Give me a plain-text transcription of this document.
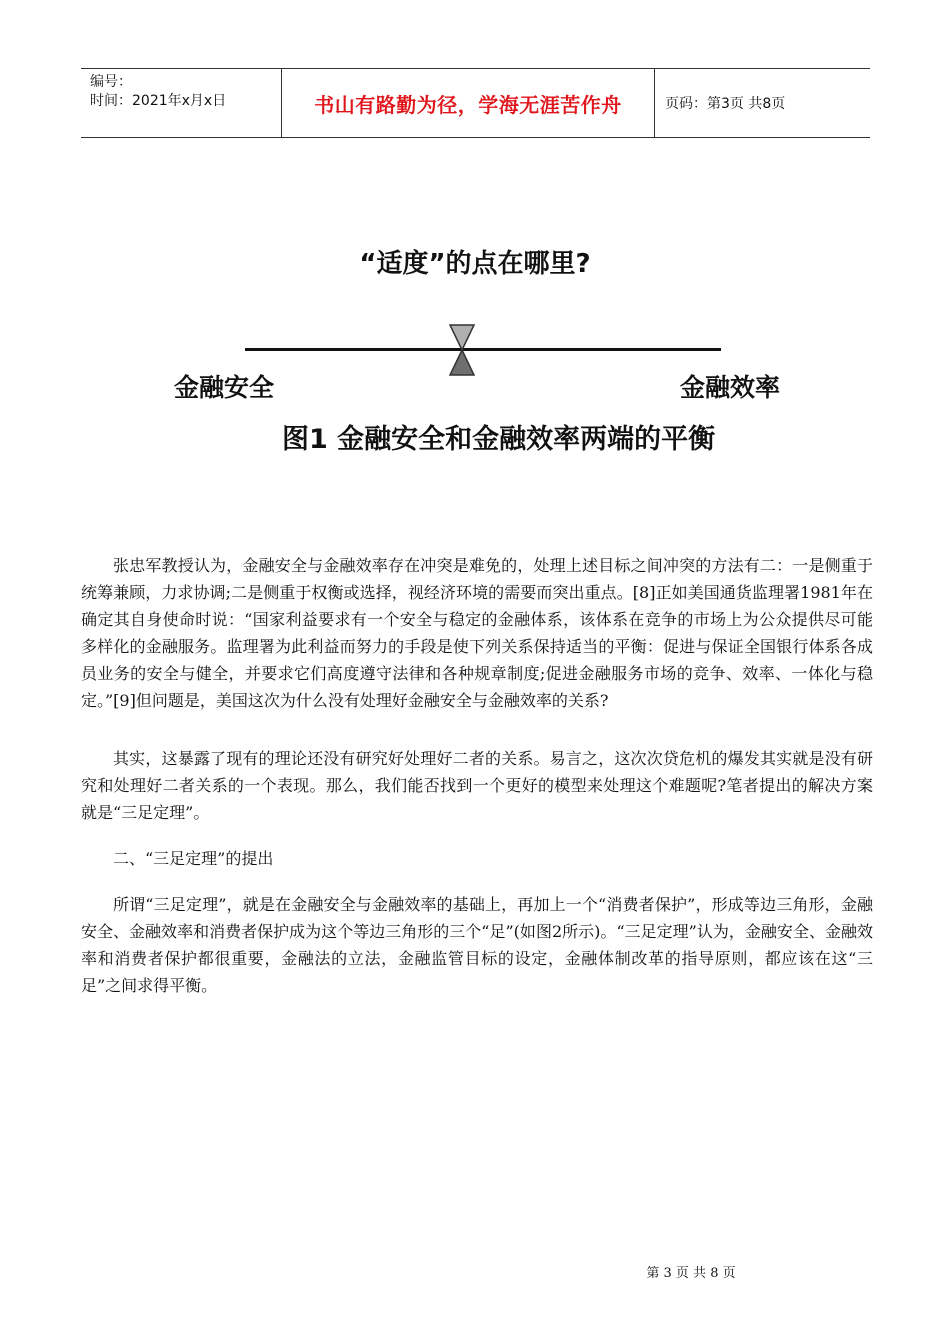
编号：
时间：2021年x月x日	书山有路勤为径，学海无涯苦作舟	页码：第3页 共8页
“适度”的点在哪里?
金融安全	金融效率
图1 金融安全和金融效率两端的平衡

张忠军教授认为，金融安全与金融效率存在冲突是难免的，处理上述目标之间冲突的方法有二：一是侧重于统筹兼顾，力求协调;二是侧重于权衡或选择，视经济环境的需要而突出重点。[8]正如美国通货监理署1981年在确定其自身使命时说：“国家利益要求有一个安全与稳定的金融体系，该体系在竞争的市场上为公众提供尽可能多样化的金融服务。监理署为此利益而努力的手段是使下列关系保持适当的平衡：促进与保证全国银行体系各成员业务的安全与健全，并要求它们高度遵守法律和各种规章制度;促进金融服务市场的竞争、效率、一体化与稳定。”[9]但问题是，美国这次为什么没有处理好金融安全与金融效率的关系?

其实，这暴露了现有的理论还没有研究好处理好二者的关系。易言之，这次次贷危机的爆发其实就是没有研究和处理好二者关系的一个表现。那么，我们能否找到一个更好的模型来处理这个难题呢?笔者提出的解决方案就是“三足定理”。

二、“三足定理”的提出

所谓“三足定理”，就是在金融安全与金融效率的基础上，再加上一个“消费者保护”，形成等边三角形，金融安全、金融效率和消费者保护成为这个等边三角形的三个“足”(如图2所示)。“三足定理”认为，金融安全、金融效率和消费者保护都很重要，金融法的立法，金融监管目标的设定，金融体制改革的指导原则，都应该在这“三足”之间求得平衡。

第 3 页 共 8 页
